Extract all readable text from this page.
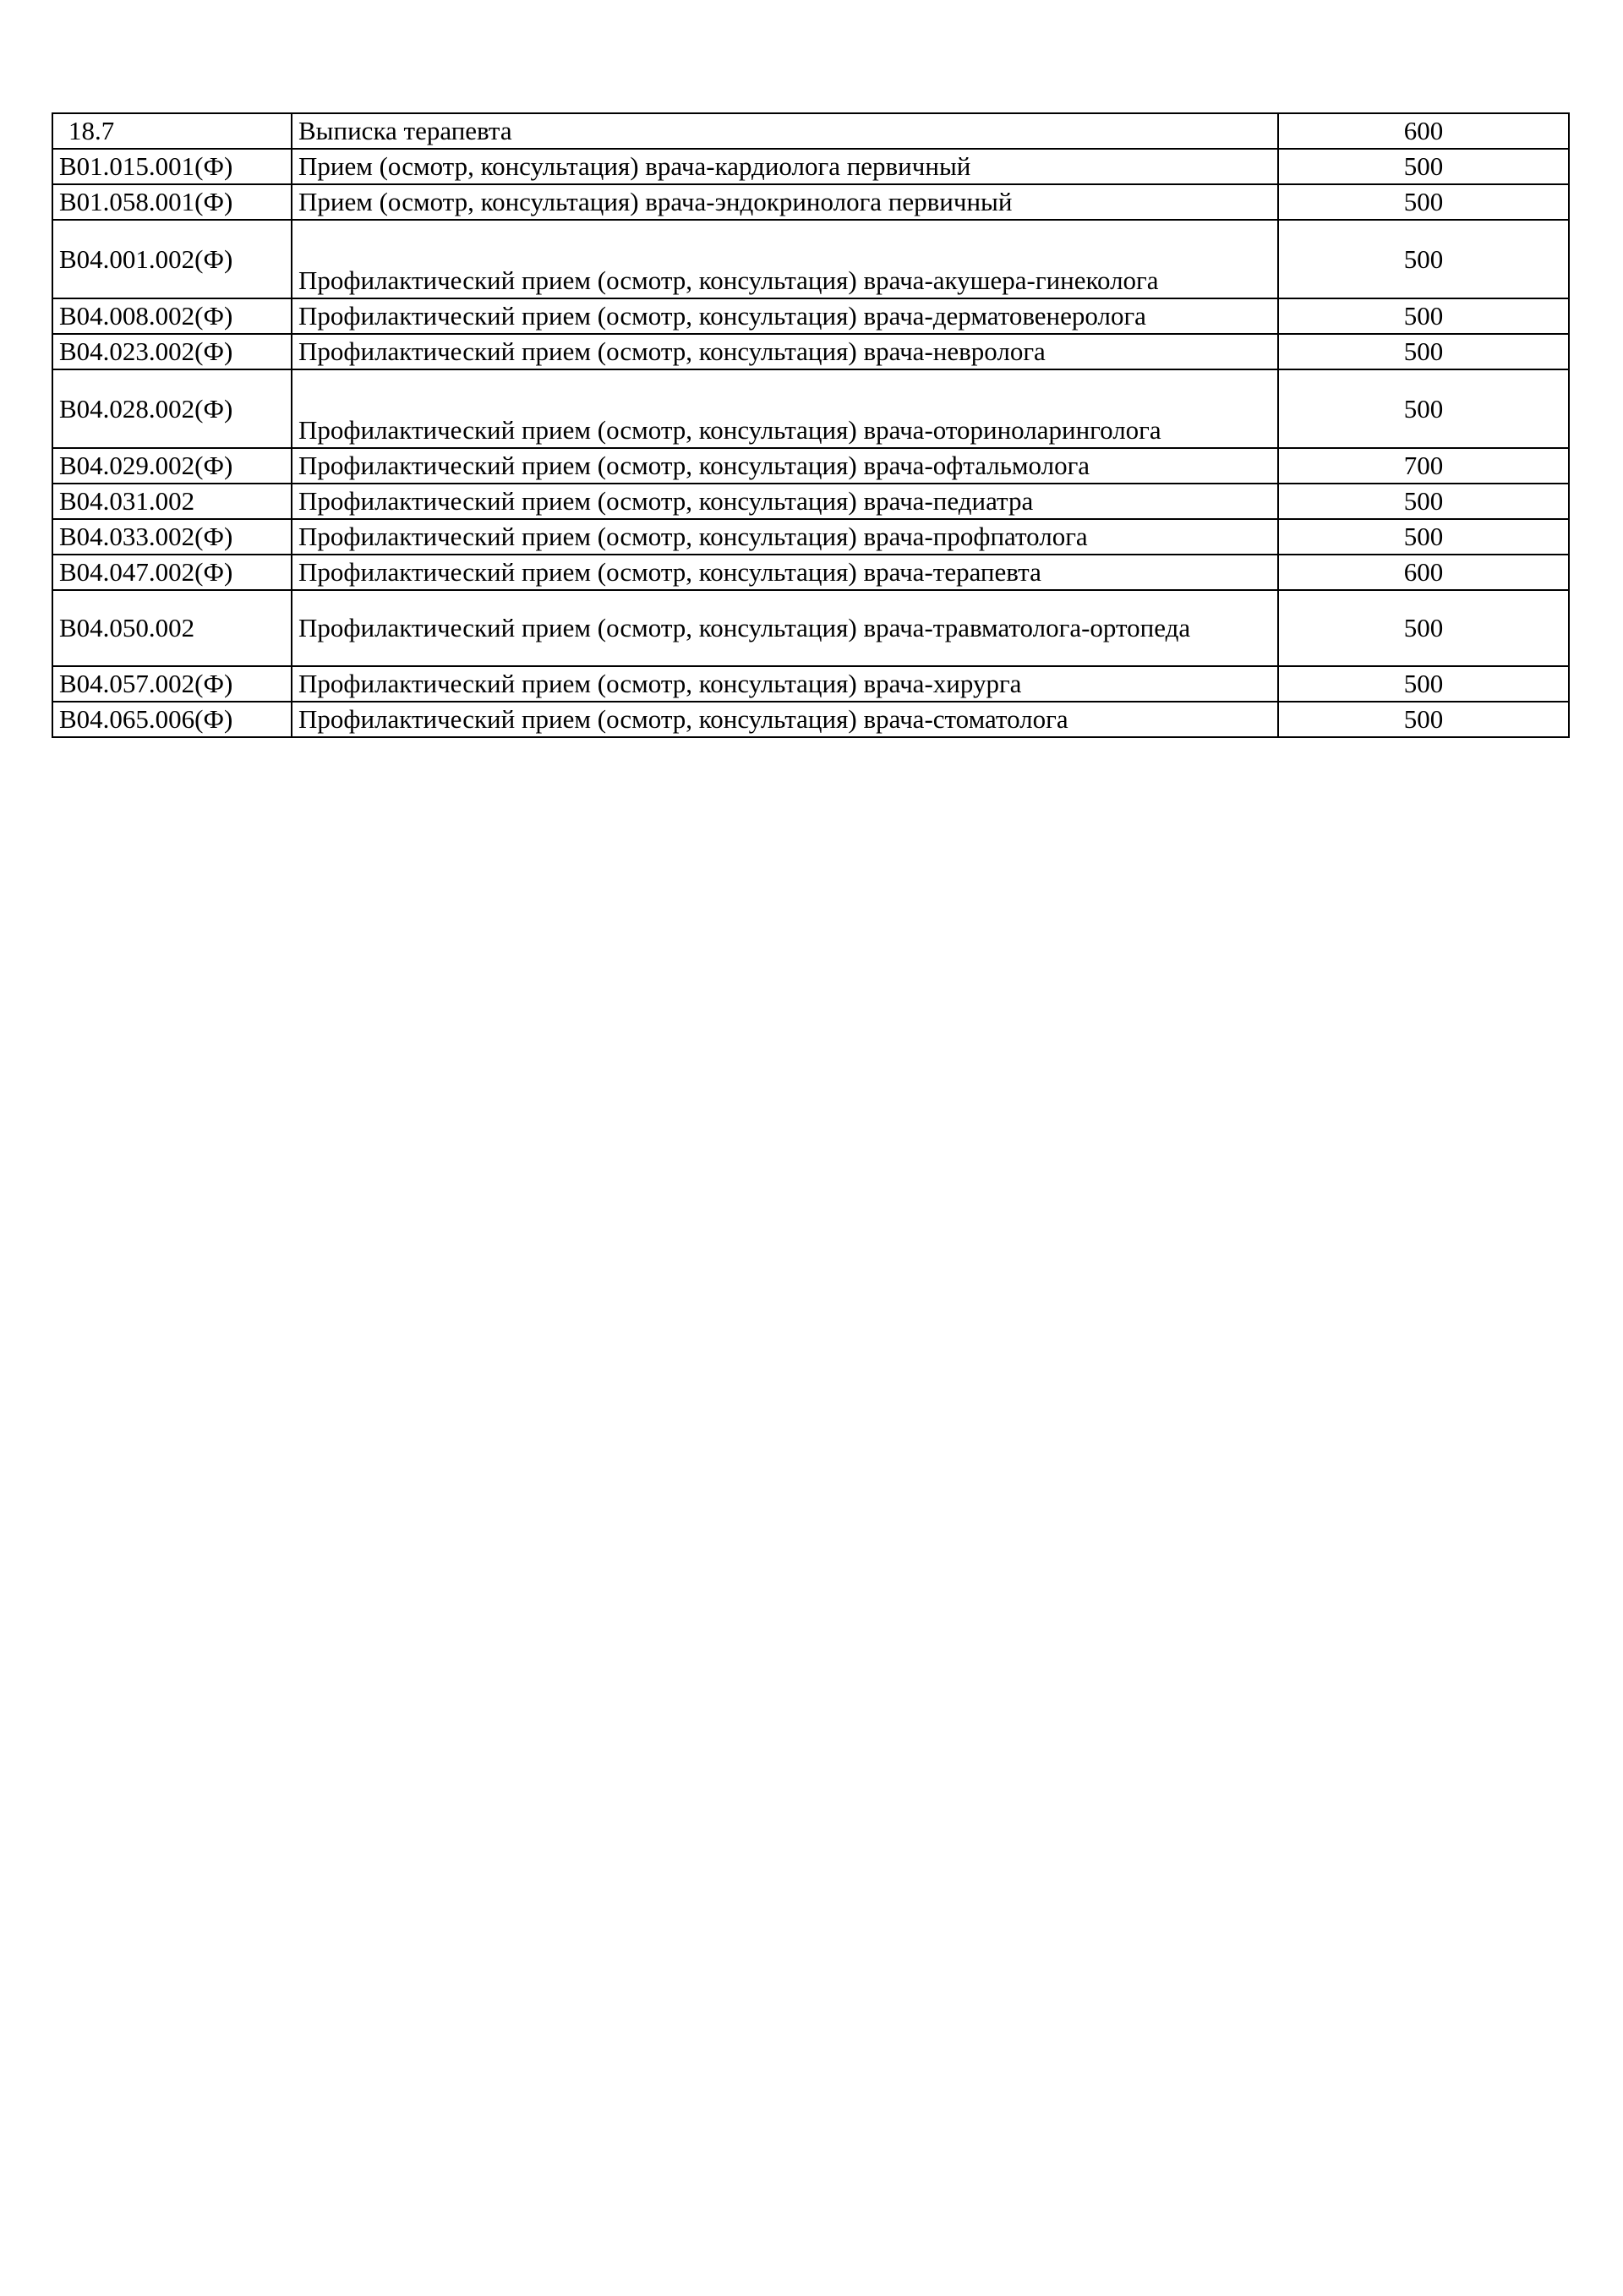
18.7	Выписка терапевта	600
B01.015.001(Ф)	Прием (осмотр, консультация) врача-кардиолога первичный	500
B01.058.001(Ф)	Прием (осмотр, консультация) врача-эндокринолога первичный	500
B04.001.002(Ф)	Профилактический прием (осмотр, консультация) врача-акушера-гинеколога	500
B04.008.002(Ф)	Профилактический прием (осмотр, консультация) врача-дерматовенеролога	500
B04.023.002(Ф)	Профилактический прием (осмотр, консультация) врача-невролога	500
B04.028.002(Ф)	Профилактический прием (осмотр, консультация) врача-оториноларинголога	500
B04.029.002(Ф)	Профилактический прием (осмотр, консультация) врача-офтальмолога	700
B04.031.002	Профилактический прием (осмотр, консультация) врача-педиатра	500
B04.033.002(Ф)	Профилактический прием (осмотр, консультация) врача-профпатолога	500
B04.047.002(Ф)	Профилактический прием (осмотр, консультация) врача-терапевта	600
B04.050.002	Профилактический прием (осмотр, консультация) врача-травматолога-ортопеда	500
B04.057.002(Ф)	Профилактический прием (осмотр, консультация) врача-хирурга	500
B04.065.006(Ф)	Профилактический прием (осмотр, консультация) врача-стоматолога	500
